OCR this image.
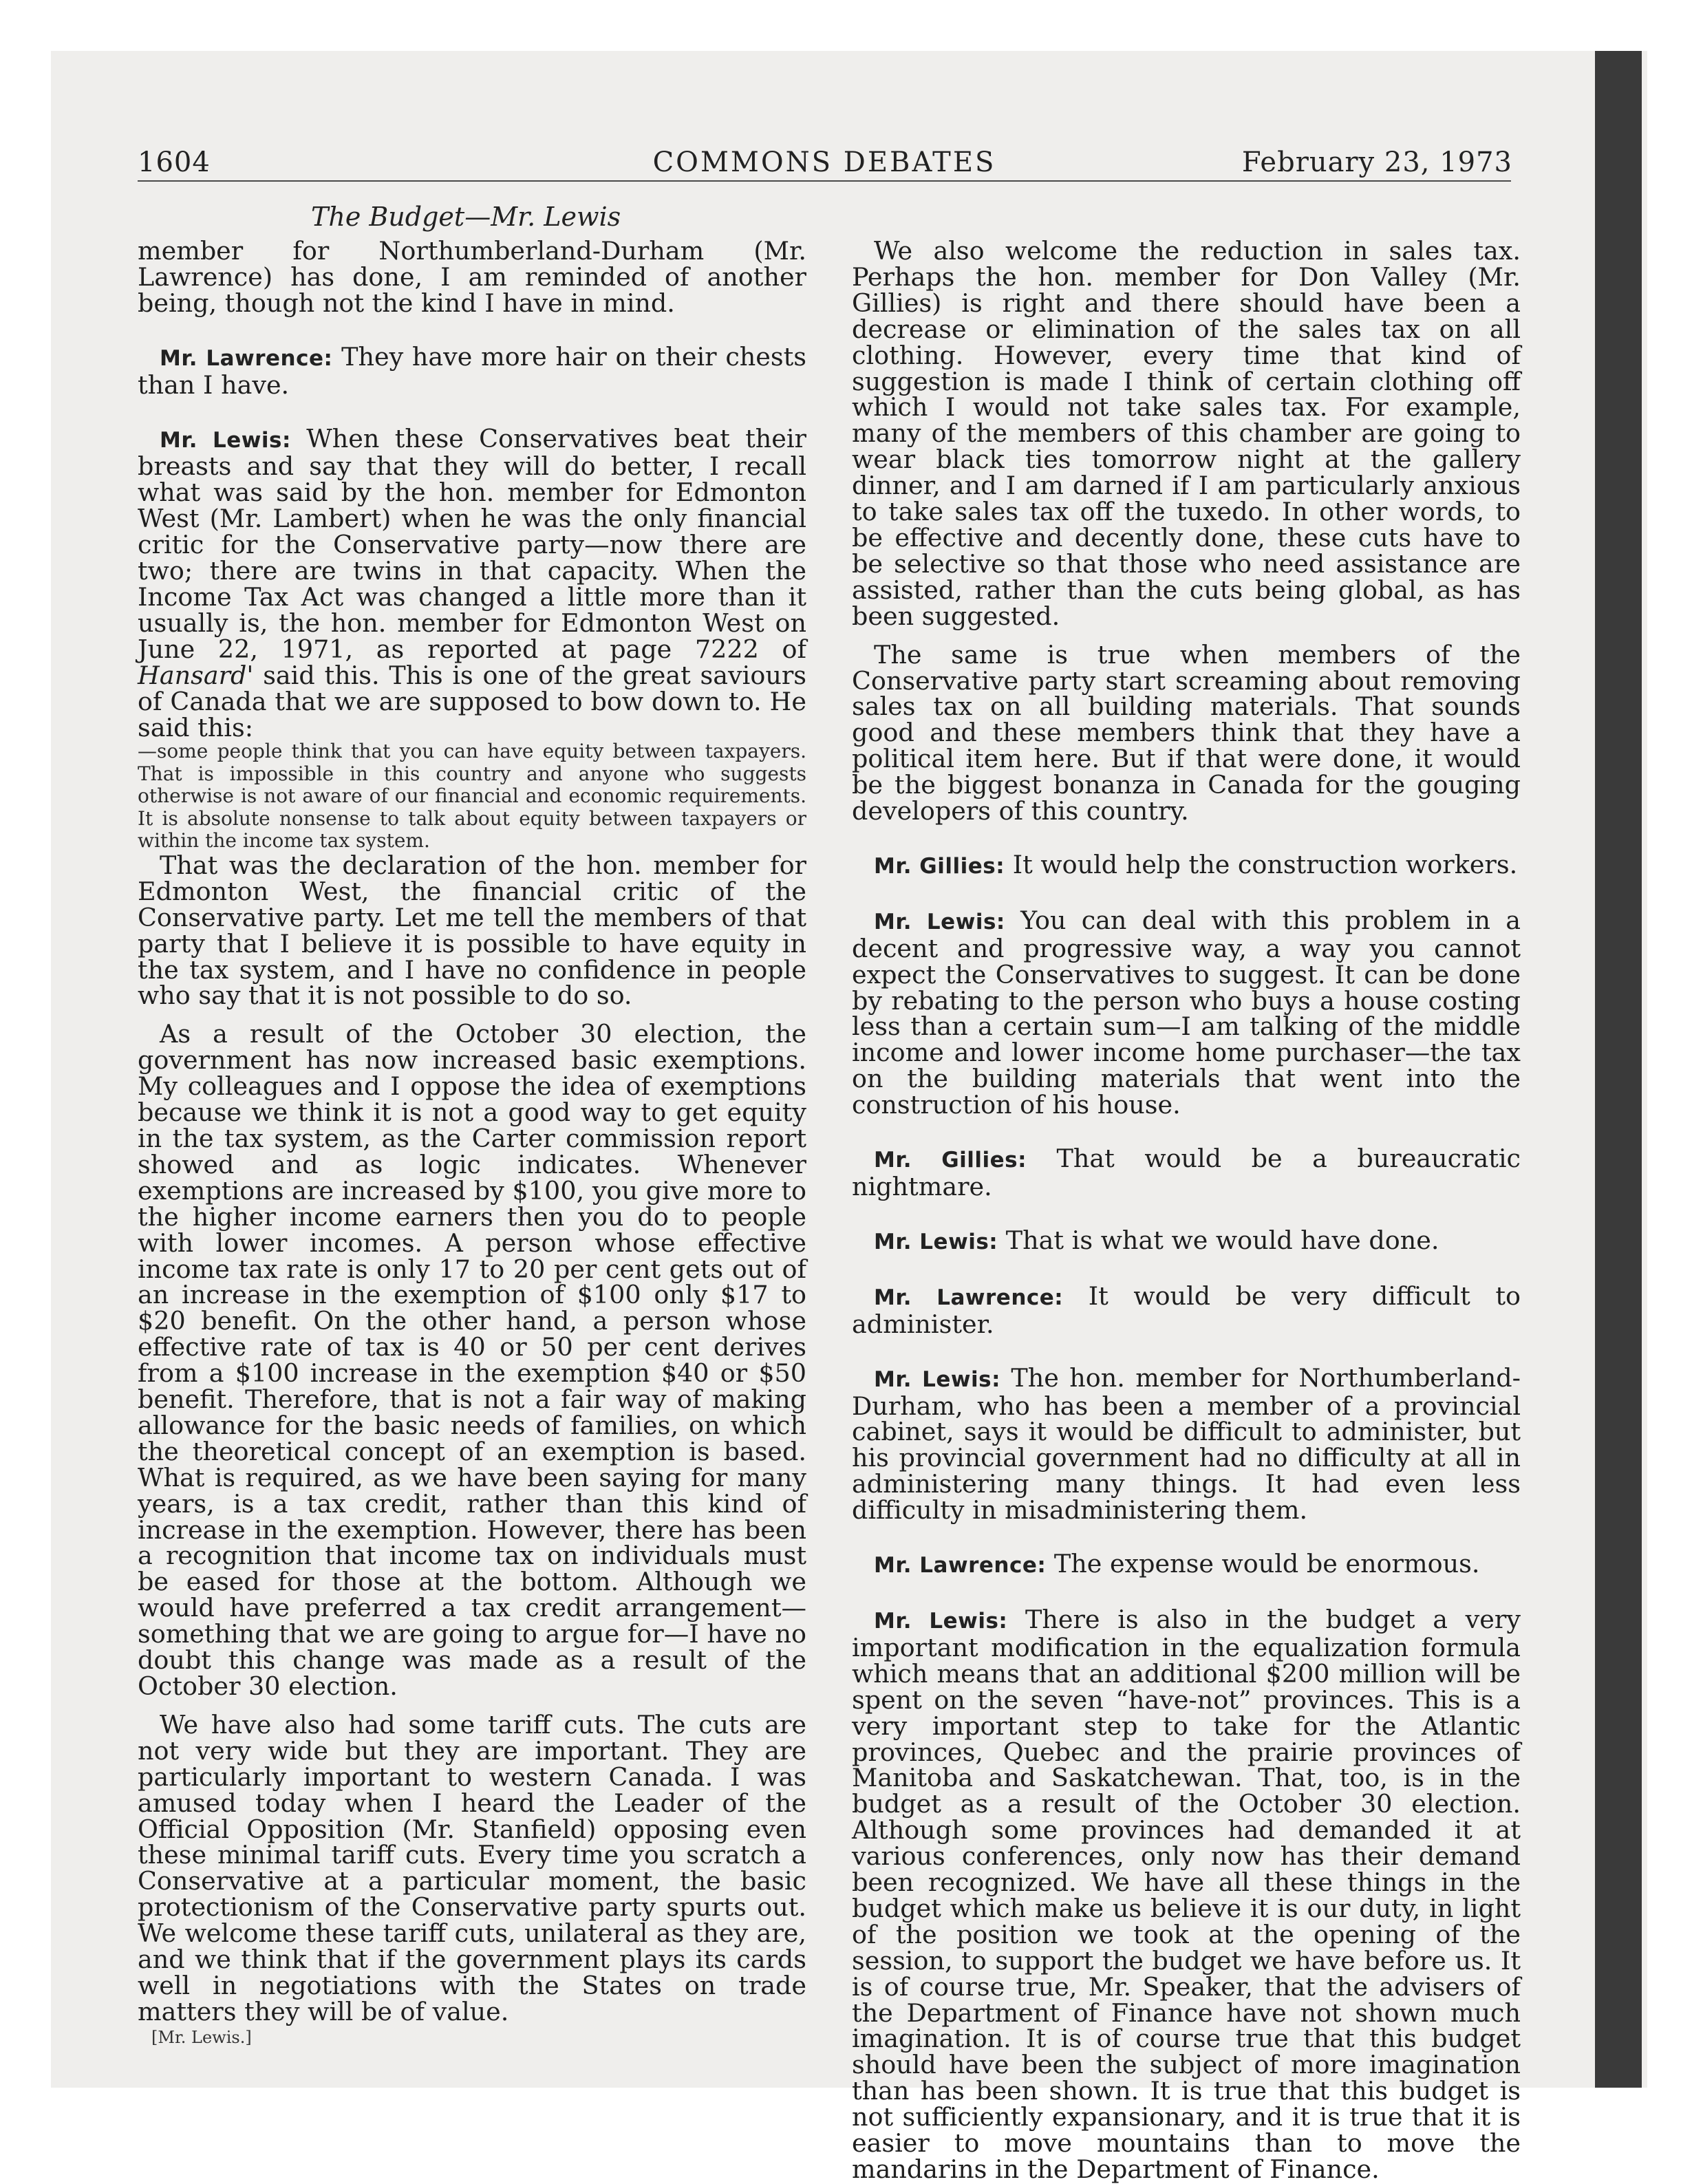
1604	COMMONS DEBATES	February 23, 1973
The Budget—Mr. Lewis

member for Northumberland-Durham (Mr. Lawrence) has done, I am reminded of another being, though not the kind I have in mind.

Mr. Lawrence: They have more hair on their chests than I have.

Mr. Lewis: When these Conservatives beat their breasts and say that they will do better, I recall what was said by the hon. member for Edmonton West (Mr. Lambert) when he was the only financial critic for the Conservative party—now there are two; there are twins in that capacity. When the Income Tax Act was changed a little more than it usually is, the hon. member for Edmonton West on June 22, 1971, as reported at page 7222 of Hansard' said this. This is one of the great saviours of Canada that we are supposed to bow down to. He said this:

—some people think that you can have equity between taxpayers. That is impossible in this country and anyone who suggests otherwise is not aware of our financial and economic requirements. It is absolute nonsense to talk about equity between taxpayers or within the income tax system.

That was the declaration of the hon. member for Edmonton West, the financial critic of the Conservative party. Let me tell the members of that party that I believe it is possible to have equity in the tax system, and I have no confidence in people who say that it is not possible to do so.

As a result of the October 30 election, the government has now increased basic exemptions. My colleagues and I oppose the idea of exemptions because we think it is not a good way to get equity in the tax system, as the Carter commission report showed and as logic indicates. Whenever exemptions are increased by $100, you give more to the higher income earners then you do to people with lower incomes. A person whose effective income tax rate is only 17 to 20 per cent gets out of an increase in the exemption of $100 only $17 to $20 benefit. On the other hand, a person whose effective rate of tax is 40 or 50 per cent derives from a $100 increase in the exemption $40 or $50 benefit. Therefore, that is not a fair way of making allowance for the basic needs of families, on which the theoretical concept of an exemption is based. What is required, as we have been saying for many years, is a tax credit, rather than this kind of increase in the exemption. However, there has been a recognition that income tax on individuals must be eased for those at the bottom. Although we would have preferred a tax credit arrangement—something that we are going to argue for—I have no doubt this change was made as a result of the October 30 election.

We have also had some tariff cuts. The cuts are not very wide but they are important. They are particularly important to western Canada. I was amused today when I heard the Leader of the Official Opposition (Mr. Stanfield) opposing even these minimal tariff cuts. Every time you scratch a Conservative at a particular moment, the basic protectionism of the Conservative party spurts out. We welcome these tariff cuts, unilateral as they are, and we think that if the government plays its cards well in negotiations with the States on trade matters they will be of value.

[Mr. Lewis.]

We also welcome the reduction in sales tax. Perhaps the hon. member for Don Valley (Mr. Gillies) is right and there should have been a decrease or elimination of the sales tax on all clothing. However, every time that kind of suggestion is made I think of certain clothing off which I would not take sales tax. For example, many of the members of this chamber are going to wear black ties tomorrow night at the gallery dinner, and I am darned if I am particularly anxious to take sales tax off the tuxedo. In other words, to be effective and decently done, these cuts have to be selective so that those who need assistance are assisted, rather than the cuts being global, as has been suggested.

The same is true when members of the Conservative party start screaming about removing sales tax on all building materials. That sounds good and these members think that they have a political item here. But if that were done, it would be the biggest bonanza in Canada for the gouging developers of this country.

Mr. Gillies: It would help the construction workers.

Mr. Lewis: You can deal with this problem in a decent and progressive way, a way you cannot expect the Conservatives to suggest. It can be done by rebating to the person who buys a house costing less than a certain sum—I am talking of the middle income and lower income home purchaser—the tax on the building materials that went into the construction of his house.

Mr. Gillies: That would be a bureaucratic nightmare.

Mr. Lewis: That is what we would have done.

Mr. Lawrence: It would be very difficult to administer.

Mr. Lewis: The hon. member for Northumberland-Durham, who has been a member of a provincial cabinet, says it would be difficult to administer, but his provincial government had no difficulty at all in administering many things. It had even less difficulty in misadministering them.

Mr. Lawrence: The expense would be enormous.

Mr. Lewis: There is also in the budget a very important modification in the equalization formula which means that an additional $200 million will be spent on the seven “have-not” provinces. This is a very important step to take for the Atlantic provinces, Quebec and the prairie provinces of Manitoba and Saskatchewan. That, too, is in the budget as a result of the October 30 election. Although some provinces had demanded it at various conferences, only now has their demand been recognized. We have all these things in the budget which make us believe it is our duty, in light of the position we took at the opening of the session, to support the budget we have before us. It is of course true, Mr. Speaker, that the advisers of the Department of Finance have not shown much imagination. It is of course true that this budget should have been the subject of more imagination than has been shown. It is true that this budget is not sufficiently expansionary, and it is true that it is easier to move mountains than to move the mandarins in the Department of Finance.
